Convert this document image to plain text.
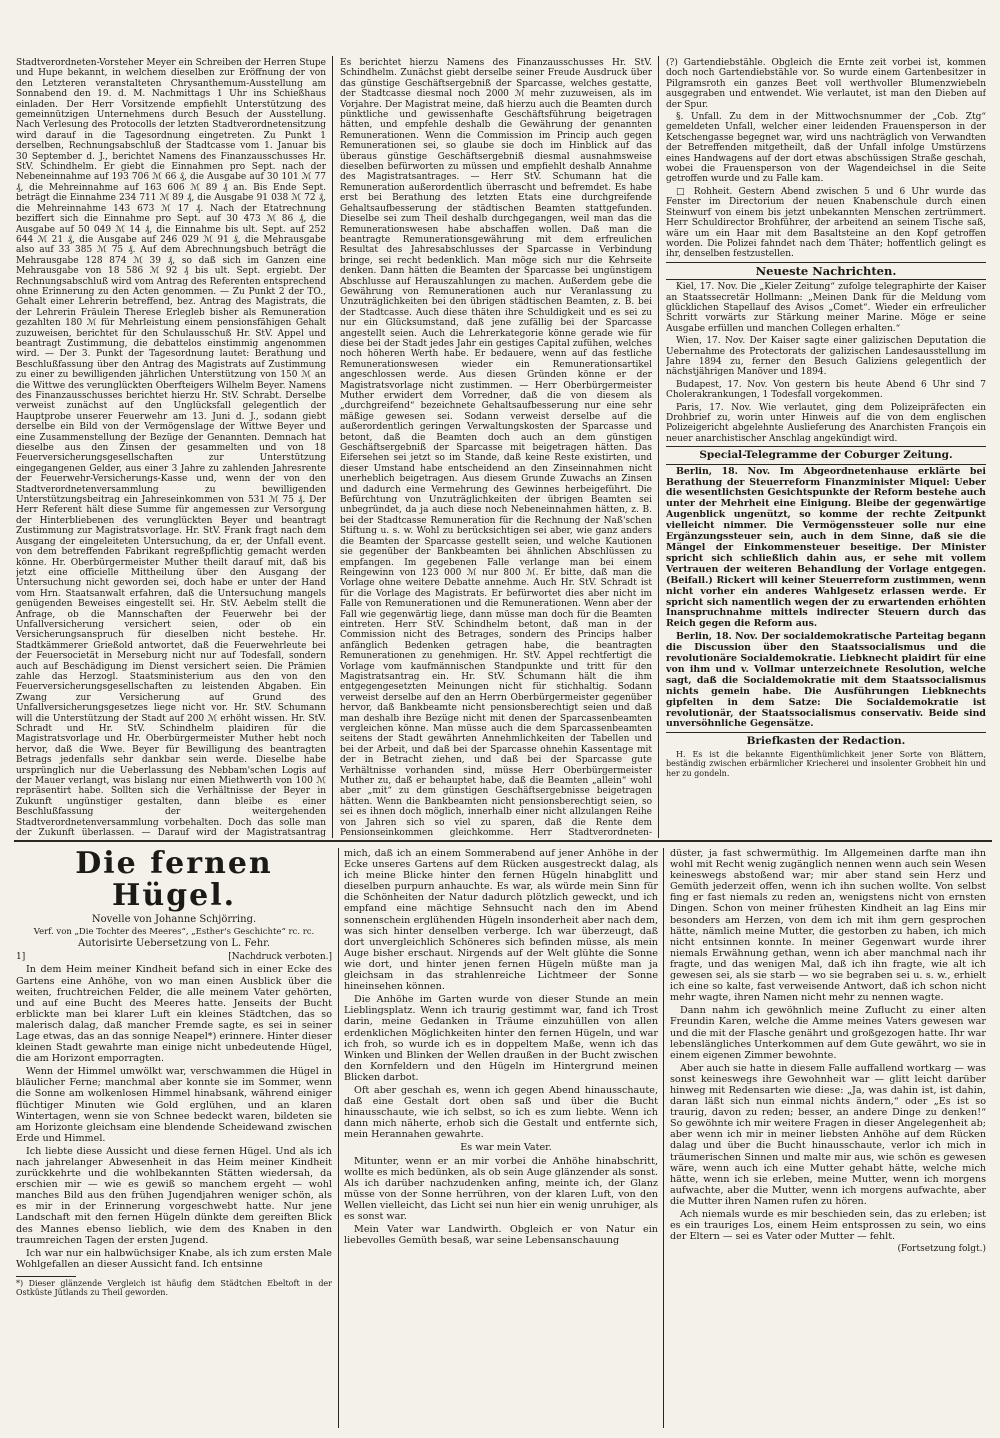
Stadtverordneten-Vorsteher Meyer ein Schreiben der Herren Stupe und Hupe bekannt, in welchem dieselben zur Eröffnung der von den Letzteren veranstalteten Chrysanthemum-Ausstellung am Sonnabend den 19. d. M. Nachmittags 1 Uhr ins Schießhaus einladen. Der Herr Vorsitzende empfiehlt Unterstützung des gemeinnützigen Unternehmens durch Besuch der Ausstellung. Nach Verlesung des Protocolls der letzten Stadtverordnetensitzung wird darauf in die Tagesordnung eingetreten. Zu Punkt 1 derselben, Rechnungsabschluß der Stadtcasse vom 1. Januar bis 30 September d. J., berichtet Namens des Finanzausschusses Hr. StV. Schindhelm. Er giebt die Einnahmen pro Sept. nach der Nebeneinnahme auf 193 706 ℳ 66 ₰, die Ausgabe auf 30 101 ℳ 77 ₰, die Mehreinnahme auf 163 606 ℳ 89 ₰ an. Bis Ende Sept. beträgt die Einnahme 234 711 ℳ 89 ₰, die Ausgabe 91 038 ℳ 72 ₰, die Mehreinnahme 143 673 ℳ 17 ₰. Nach der Etatrechnung beziffert sich die Einnahme pro Sept. auf 30 473 ℳ 86 ₰, die Ausgabe auf 50 049 ℳ 14 ₰, die Einnahme bis ult. Sept. auf 252 644 ℳ 21 ₰, die Ausgabe auf 246 029 ℳ 91 ₰, die Mehrausgabe also auf 33 385 ℳ 75 ₰. Auf dem Abrechnungsbuch beträgt die Mehrausgabe 128 874 ℳ 39 ₰, so daß sich im Ganzen eine Mehrausgabe von 18 586 ℳ 92 ₰ bis ult. Sept. ergiebt. Der Rechnungsabschluß wird vom Antrag des Referenten entsprechend ohne Erinnerung zu den Acten genommen. — Zu Punkt 2 der TO., Gehalt einer Lehrerin betreffend, bez. Antrag des Magistrats, die der Lehrerin Fräulein Therese Erlegleb bisher als Remuneration gezahlten 180 ℳ für Mehrleistung einem pensionsfähigen Gehalt zuzuweisen, berichtet für den Schulausschuß Hr. StV. Appel und beantragt Zustimmung, die debattelos einstimmig angenommen wird. — Der 3. Punkt der Tagesordnung lautet: Berathung und Beschlußfassung über den Antrag des Magistrats auf Zustimmung zu einer zu bewilligenden jährlichen Unterstützung von 150 ℳ an die Wittwe des verunglückten Oberfteigers Wilhelm Beyer. Namens des Finanzausschusses berichtet hierzu Hr. StV. Schrabt. Derselbe verweist zunächst auf den Unglücksfall gelegentlich der Hauptprobe unserer Feuerwehr am 13. Juni d. J., sodann giebt derselbe ein Bild von der Vermögenslage der Wittwe Beyer und eine Zusammenstellung der Bezüge der Genannten. Demnach hat dieselbe aus den Zinsen der gesammelten und von 18 Feuerversicherungsgesellschaften zur Unterstützung eingegangenen Gelder, aus einer 3 Jahre zu zahlenden Jahresrente der Feuerwehr-Versicherungs-Kasse und, wenn der von den Stadtverordnetenversammlung zu bewilligenden Unterstützungsbeitrag ein Jahreseinkommen von 531 ℳ 75 ₰. Der Herr Referent hält diese Summe für angemessen zur Versorgung der Hinterbliebenen des verunglückten Beyer und beantragt Zustimmung zur Magistratsvorlage. Hr. StV. Frank fragt nach dem Ausgang der eingeleiteten Untersuchung, da er, der Unfall event. von dem betreffenden Fabrikant regreßpflichtig gemacht werden könne. Hr. Oberbürgermeister Muther theilt darauf mit, daß bis jetzt eine officielle Mittheilung über den Ausgang der Untersuchung nicht geworden sei, doch habe er unter der Hand vom Hrn. Staatsanwalt erfahren, daß die Untersuchung mangels genügenden Beweises eingestellt sei. Hr. StV. Aebelm stellt die Anfrage, ob die Mannschaften der Feuerwehr bei der Unfallversicherung versichert seien, oder ob ein Versicherungsanspruch für dieselben nicht bestehe. Hr. Stadtkämmerer Grießold antwortet, daß die Feuerwehrleute bei der Feuersocietät in Merseburg nicht nur auf Todesfall, sondern auch auf Beschädigung im Dienst versichert seien. Die Prämien zahle das Herzogl. Staatsministerium aus den von den Feuerversicherungsgesellschaften zu leistenden Abgaben. Ein Zwang zur Versicherung auf Grund des Unfallversicherungsgesetzes liege nicht vor. Hr. StV. Schumann will die Unterstützung der Stadt auf 200 ℳ erhöht wissen. Hr. StV. Schradt und Hr. StV. Schindhelm plaidiren für die Magistratsvorlage und Hr. Oberbürgermeister Muther hebt noch hervor, daß die Wwe. Beyer für Bewilligung des beantragten Betrags jedenfalls sehr dankbar sein werde. Dieselbe habe ursprünglich nur die Ueberlassung des Nebbam'schen Logis auf der Mauer verlangt, was bislang nur einen Miethwerth von 100 ℳ repräsentirt habe. Sollten sich die Verhältnisse der Beyer in Zukunft ungünstiger gestalten, dann bleibe es einer Beschlußfassung der weitergehenden Stadtverordnetenversammlung vorbehalten. Doch das solle man der Zukunft überlassen. — Darauf wird der Magistratsantrag

Es berichtet hierzu Namens des Finanzausschusses Hr. StV. Schindhelm. Zunächst giebt derselbe seiner Freude Ausdruck über das günstige Geschäftsergebniß der Sparcasse, welches gestatte, der Stadtcasse diesmal noch 2000 ℳ mehr zuzuweisen, als im Vorjahre. Der Magistrat meine, daß hierzu auch die Beamten durch pünktliche und gewissenhafte Geschäftsführung beigetragen hätten, und empfehle deshalb die Gewährung der genannten Remunerationen. Wenn die Commission im Princip auch gegen Remunerationen sei, so glaube sie doch im Hinblick auf das überaus günstige Geschäftsergebniß diesmal ausnahmsweise dieselben befürworten zu müssen und empfiehlt deshalb Annahme des Magistratsantrages. — Herr StV. Schumann hat die Remuneration außerordentlich überrascht und befremdet. Es habe erst bei Berathung des letzten Etats eine durchgreifende Gehaltsaufbesserung der städtischen Beamten stattgefunden. Dieselbe sei zum Theil deshalb durchgegangen, weil man das die Remunerationswesen habe abschaffen wollen. Daß man die beantragte Remunerationsgewährung mit dem erfreulichen Resultat des Jahresabschlusses der Sparcasse in Verbindung bringe, sei recht bedenklich. Man möge sich nur die Kehrseite denken. Dann hätten die Beamten der Sparcasse bei ungünstigem Abschlusse auf Herauszahlungen zu machen. Außerdem gebe die Gewährung von Remunerationen auch nur Veranlassung zu Unzuträglichkeiten bei den übrigen städtischen Beamten, z. B. bei der Stadtcasse. Auch diese thäten ihre Schuldigkeit und es sei zu nur ein Glücksumstand, daß jene zufällig bei der Sparcasse angestellt seien. Auch die Lehrerkategorie könne gerade wie für diese bei der Stadt jedes Jahr ein gestiges Capital zufühen, welches noch höheren Werth habe. Er bedauere, wenn auf das festliche Remunerationswesen wieder ein Remunerationsartikel angeschlossen werde. Aus diesen Gründen könne er der Magistratsvorlage nicht zustimmen. — Herr Oberbürgermeister Muther erwidert dem Vorredner, daß die von diesem als „durchgreifend“ bezeichnete Gehaltsaufbesserung nur eine sehr mäßige gewesen sei. Sodann verweist derselbe auf die außerordentlich geringen Verwaltungskosten der Sparcasse und betont, daß die Beamten doch auch an dem günstigen Geschäftsergebniß der Sparcasse mit beigetragen hätten. Das Eifersehen sei jetzt so im Stande, daß keine Reste existirten, und dieser Umstand habe entscheidend an den Zinseinnahmen nicht unerheblich beigetragen. Aus diesem Grunde Zuwachs an Zinsen und dadurch eine Vermehrung des Gewinnes herbeigeführt. Die Befürchtung von Unzuträglichkeiten der übrigen Beamten sei unbegründet, da ja auch diese noch Nebeneinnahmen hätten, z. B. bei der Stadtcasse Remuneration für die Rechnung der Naß'schen Stiftung u. s. w. Wohl zu berücksichtigen sei aber, wie ganz anders die Beamten der Sparcasse gestellt seien, und welche Kautionen sie gegenüber der Bankbeamten bei ähnlichen Abschlüssen zu empfangen. Im gegebenen Falle verlange man bei einem Reingewinn von 123 000 ℳ nur 800 ℳ. Er bitte, daß man die Vorlage ohne weitere Debatte annehme. Auch Hr. StV. Schradt ist für die Vorlage des Magistrats. Er befürwortet dies aber nicht im Falle von Remunerationen und die Remunerationen. Wenn aber der Fall wie gegenwärtig liege, dann müsse man doch für die Beamten eintreten. Herr StV. Schindhelm betont, daß man in der Commission nicht des Betrages, sondern des Princips halber anfänglich Bedenken getragen habe, die beantragten Remunerationen zu genehmigen. Hr. StV. Appel rechtfertigt die Vorlage vom kaufmännischen Standpunkte und tritt für den Magistratsantrag ein. Hr. StV. Schumann hält die ihm entgegengesetzten Meinungen nicht für stichhaltig. Sodann verweist derselbe auf den an Herrn Oberbürgermeister gegenüber hervor, daß Bankbeamte nicht pensionsberechtigt seien und daß man deshalb ihre Bezüge nicht mit denen der Sparcassenbeamten vergleichen könne. Man müsse auch die dem Sparcassenbeamten seitens der Stadt gewährten Annehmlichkeiten der Tabellen und bei der Arbeit, und daß bei der Sparcasse ohnehin Kassentage mit der in Betracht ziehen, und daß bei der Sparcasse gute Verhältnisse vorhanden sind, müsse Herr Oberbürgermeister Muther zu, daß er behauptet habe, daß die Beamten „allein“ wohl aber „mit“ zu dem günstigen Geschäftsergebnisse beigetragen hätten. Wenn die Bankbeamten nicht pensionsberechtigt seien, so sei es ihnen doch möglich, innerhalb einer nicht allzulangen Reihe von Jahren sich so viel zu sparen, daß die Rente dem Pensionseinkommen gleichkomme. Herr Stadtverordneten-

(?) Gartendiebstähle. Obgleich die Ernte zeit vorbei ist, kommen doch noch Gartendiebstähle vor. So wurde einem Gartenbesitzer in Pilgramsroth ein ganzes Beet voll werthvoller Blumenzwiebeln ausgegraben und entwendet. Wie verlautet, ist man den Dieben auf der Spur.

§. Unfall. Zu dem in der Mittwochsnummer der „Cob. Ztg“ gemeldeten Unfall, welcher einer leidenden Frauensperson in der Ketschengasse begegnet war, wird uns nachträglich von Verwandten der Betreffenden mitgetheilt, daß der Unfall infolge Umstürzens eines Handwagens auf der dort etwas abschüssigen Straße geschah, wobei die Frauensperson von der Wagendeichsel in die Seite getroffen wurde und zu Falle kam.

□ Rohheit. Gestern Abend zwischen 5 und 6 Uhr wurde das Fenster im Directorium der neuen Knabenschule durch einen Steinwurf von einem bis jetzt unbekannten Menschen zertrümmert. Herr Schuldirector Brohführer, der arbeitend an seinem Tische saß, wäre um ein Haar mit dem Basaltsteine an den Kopf getroffen worden. Die Polizei fahndet nach dem Thäter; hoffentlich gelingt es ihr, denselben festzustellen.

Neueste Nachrichten.

Kiel, 17. Nov. Die „Kieler Zeitung“ zufolge telegraphirte der Kaiser an Staatssecretär Hollmann: „Meinen Dank für die Meldung vom glücklichen Stapellauf des Avisos „Comet“. Wieder ein erfreulicher Schritt vorwärts zur Stärkung meiner Marine. Möge er seine Ausgabe erfüllen und manchen Collegen erhalten.“

Wien, 17. Nov. Der Kaiser sagte einer galizischen Deputation die Uebernahme des Protectorats der galizischen Landesausstellung im Jahre 1894 zu, ferner den Besuch Galiziens gelegentlich der nächstjährigen Manöver und 1894.

Budapest, 17. Nov. Von gestern bis heute Abend 6 Uhr sind 7 Cholerakrankungen, 1 Todesfall vorgekommen.

Paris, 17. Nov. Wie verlautet, ging dem Polizeipräfecten ein Drohbrief zu, worin unter Hinweis auf die von dem englischen Polizeigericht abgelehnte Auslieferung des Anarchisten François ein neuer anarchistischer Anschlag angekündigt wird.

Special-Telegramme der Coburger Zeitung.

Berlin, 18. Nov. Im Abgeordnetenhause erklärte bei Berathung der Steuerreform Finanzminister Miquel: Ueber die wesentlichsten Gesichtspunkte der Reform bestehe auch unter der Mehrheit eine Einigung. Bleibe der gegenwärtige Augenblick ungenützt, so komme der rechte Zeitpunkt vielleicht nimmer. Die Vermögenssteuer solle nur eine Ergänzungssteuer sein, auch in dem Sinne, daß sie die Mängel der Einkommensteuer beseitige. Der Minister spricht sich schließlich dahin aus, er sehe mit vollem Vertrauen der weiteren Behandlung der Vorlage entgegen. (Beifall.) Rickert will keiner Steuerreform zustimmen, wenn nicht vorher ein anderes Wahlgesetz erlassen werde. Er spricht sich namentlich wegen der zu erwartenden erhöhten Inanspruchnahme mittels indirecter Steuern durch das Reich gegen die Reform aus.

Berlin, 18. Nov. Der socialdemokratische Parteitag begann die Discussion über den Staatssocialismus und die revolutionäre Socialdemokratie. Liebknecht plaidirt für eine von ihm und v. Vollmar unterzeichnete Resolution, welche sagt, daß die Socialdemokratie mit dem Staatssocialismus nichts gemein habe. Die Ausführungen Liebknechts gipfelten in dem Satze: Die Socialdemokratie ist revolutionär, der Staatssocialismus conservativ. Beide sind unversöhnliche Gegensätze.

Briefkasten der Redaction.

H. Es ist die bekannte Eigenthümlichkeit jener Sorte von Blättern, beständig zwischen erbärmlicher Kriecherei und insolenter Grobheit hin und her zu gondeln.

Die fernen Hügel.
Novelle von Johanne Schjörring.
Verf. von „Die Tochter des Meeres“, „Esther's Geschichte“ rc. rc.
Autorisirte Uebersetzung von L. Fehr.
1]	[Nachdruck verboten.]

In dem Heim meiner Kindheit befand sich in einer Ecke des Gartens eine Anhöhe, von wo man einen Ausblick über die weiten, fruchtreichen Felder, die alle meinem Vater gehörten, und auf eine Bucht des Meeres hatte. Jenseits der Bucht erblickte man bei klarer Luft ein kleines Städtchen, das so malerisch dalag, daß mancher Fremde sagte, es sei in seiner Lage etwas, das an das sonnige Neapel*) erinnere. Hinter dieser kleinen Stadt gewahrte man einige nicht unbedeutende Hügel, die am Horizont emporragten.

Wenn der Himmel umwölkt war, verschwammen die Hügel in bläulicher Ferne; manchmal aber konnte sie im Sommer, wenn die Sonne am wolkenlosen Himmel hinabsank, während einiger flüchtiger Minuten wie Gold erglühen, und an klaren Wintertagen, wenn sie von Schnee bedeckt waren, bildeten sie am Horizonte gleichsam eine blendende Scheidewand zwischen Erde und Himmel.

Ich liebte diese Aussicht und diese fernen Hügel. Und als ich nach jahrelanger Abwesenheit in das Heim meiner Kindheit zurückkehrte und die wohlbekannten Stätten wiedersah, da erschien mir — wie es gewiß so manchem ergeht — wohl manches Bild aus den frühen Jugendjahren weniger schön, als es mir in der Erinnerung vorgeschwebt hatte. Nur jene Landschaft mit den fernen Hügeln dünkte dem gereiften Blick des Mannes ebenso lieblich, wie dem des Knaben in den traumreichen Tagen der ersten Jugend.

Ich war nur ein halbwüchsiger Knabe, als ich zum ersten Male Wohlgefallen an dieser Aussicht fand. Ich entsinne

*) Dieser glänzende Vergleich ist häufig dem Städtchen Ebeltoft in der Ostküste Jütlands zu Theil geworden.

mich, daß ich an einem Sommerabend auf jener Anhöhe in der Ecke unseres Gartens auf dem Rücken ausgestreckt dalag, als ich meine Blicke hinter den fernen Hügeln hinabglitt und dieselben purpurn anhauchte. Es war, als würde mein Sinn für die Schönheiten der Natur dadurch plötzlich geweckt, und ich empfand eine mächtige Sehnsucht nach den im Abend sonnenschein erglühenden Hügeln insonderheit aber nach dem, was sich hinter denselben verberge. Ich war überzeugt, daß dort unvergleichlich Schöneres sich befinden müsse, als mein Auge bisher erschaut. Nirgends auf der Welt glühte die Sonne wie dort, und hinter jenen fernen Hügeln müßte man ja gleichsam in das strahlenreiche Lichtmeer der Sonne hineinsehen können.

Die Anhöhe im Garten wurde von dieser Stunde an mein Lieblingsplatz. Wenn ich traurig gestimmt war, fand ich Trost darin, meine Gedanken in Träume einzuhüllen von allen erdenklichen Möglichkeiten hinter den fernen Hügeln, und war ich froh, so wurde ich es in doppeltem Maße, wenn ich das Winken und Blinken der Wellen draußen in der Bucht zwischen den Kornfeldern und den Hügeln im Hintergrund meinen Blicken darbot.

Oft aber geschah es, wenn ich gegen Abend hinausschaute, daß eine Gestalt dort oben saß und über die Bucht hinausschaute, wie ich selbst, so ich es zum liebte. Wenn ich dann mich näherte, erhob sich die Gestalt und entfernte sich, mein Herannahen gewahrte.

Es war mein Vater.

Mitunter, wenn er an mir vorbei die Anhöhe hinabschritt, wollte es mich bedünken, als ob sein Auge glänzender als sonst. Als ich darüber nachzudenken anfing, meinte ich, der Glanz müsse von der Sonne herrühren, von der klaren Luft, von den Wellen vielleicht, das Licht sei nun hier ein wenig unruhiger, als es sonst war.

Mein Vater war Landwirth. Obgleich er von Natur ein liebevolles Gemüth besaß, war seine Lebensanschauung

düster, ja fast schwermüthig. Im Allgemeinen darfte man ihn wohl mit Recht wenig zugänglich nennen wenn auch sein Wesen keineswegs abstoßend war; mir aber stand sein Herz und Gemüth jederzeit offen, wenn ich ihn suchen wollte. Von selbst fing er fast niemals zu reden an, wenigstens nicht von ernsten Dingen. Schon von meiner frühesten Kindheit an lag Eins mir besonders am Herzen, von dem ich mit ihm gern gesprochen hätte, nämlich meine Mutter, die gestorben zu haben, ich mich nicht entsinnen konnte. In meiner Gegenwart wurde ihrer niemals Erwähnung gethan, wenn ich aber manchmal nach ihr fragte, und das wenigen Mal, daß ich ihn fragte, wie alt ich gewesen sei, als sie starb — wo sie begraben sei u. s. w., erhielt ich eine so kalte, fast verweisende Antwort, daß ich schon nicht mehr wagte, ihren Namen nicht mehr zu nennen wagte.

Dann nahm ich gewöhnlich meine Zuflucht zu einer alten Freundin Karen, welche die Amme meines Vaters gewesen war und die mit der Flasche genährt und großgezogen hatte. Ihr war lebenslängliches Unterkommen auf dem Gute gewährt, wo sie in einem eigenen Zimmer bewohnte.

Aber auch sie hatte in diesem Falle auffallend wortkarg — was sonst keineswegs ihre Gewohnheit war — glitt leicht darüber hinweg mit Redensarten wie diese: „Ja, was dahin ist, ist dahin, daran läßt sich nun einmal nichts ändern,“ oder „Es ist so traurig, davon zu reden; besser, an andere Dinge zu denken!“ So gewöhnte ich mir weitere Fragen in dieser Angelegenheit ab; aber wenn ich mir in meiner liebsten Anhöhe auf dem Rücken dalag und über die Bucht hinausschaute, verlor ich mich in träumerischen Sinnen und malte mir aus, wie schön es gewesen wäre, wenn auch ich eine Mutter gehabt hätte, welche mich hätte, wenn ich sie erleben, meine Mutter, wenn ich morgens aufwachte, aber die Mutter, wenn ich morgens aufwachte, aber die Mutter ihren Namen rufen zu hören.

Ach niemals wurde es mir beschieden sein, das zu erleben; ist es ein trauriges Los, einem Heim entsprossen zu sein, wo eins der Eltern — sei es Vater oder Mutter — fehlt.

(Fortsetzung folgt.)
